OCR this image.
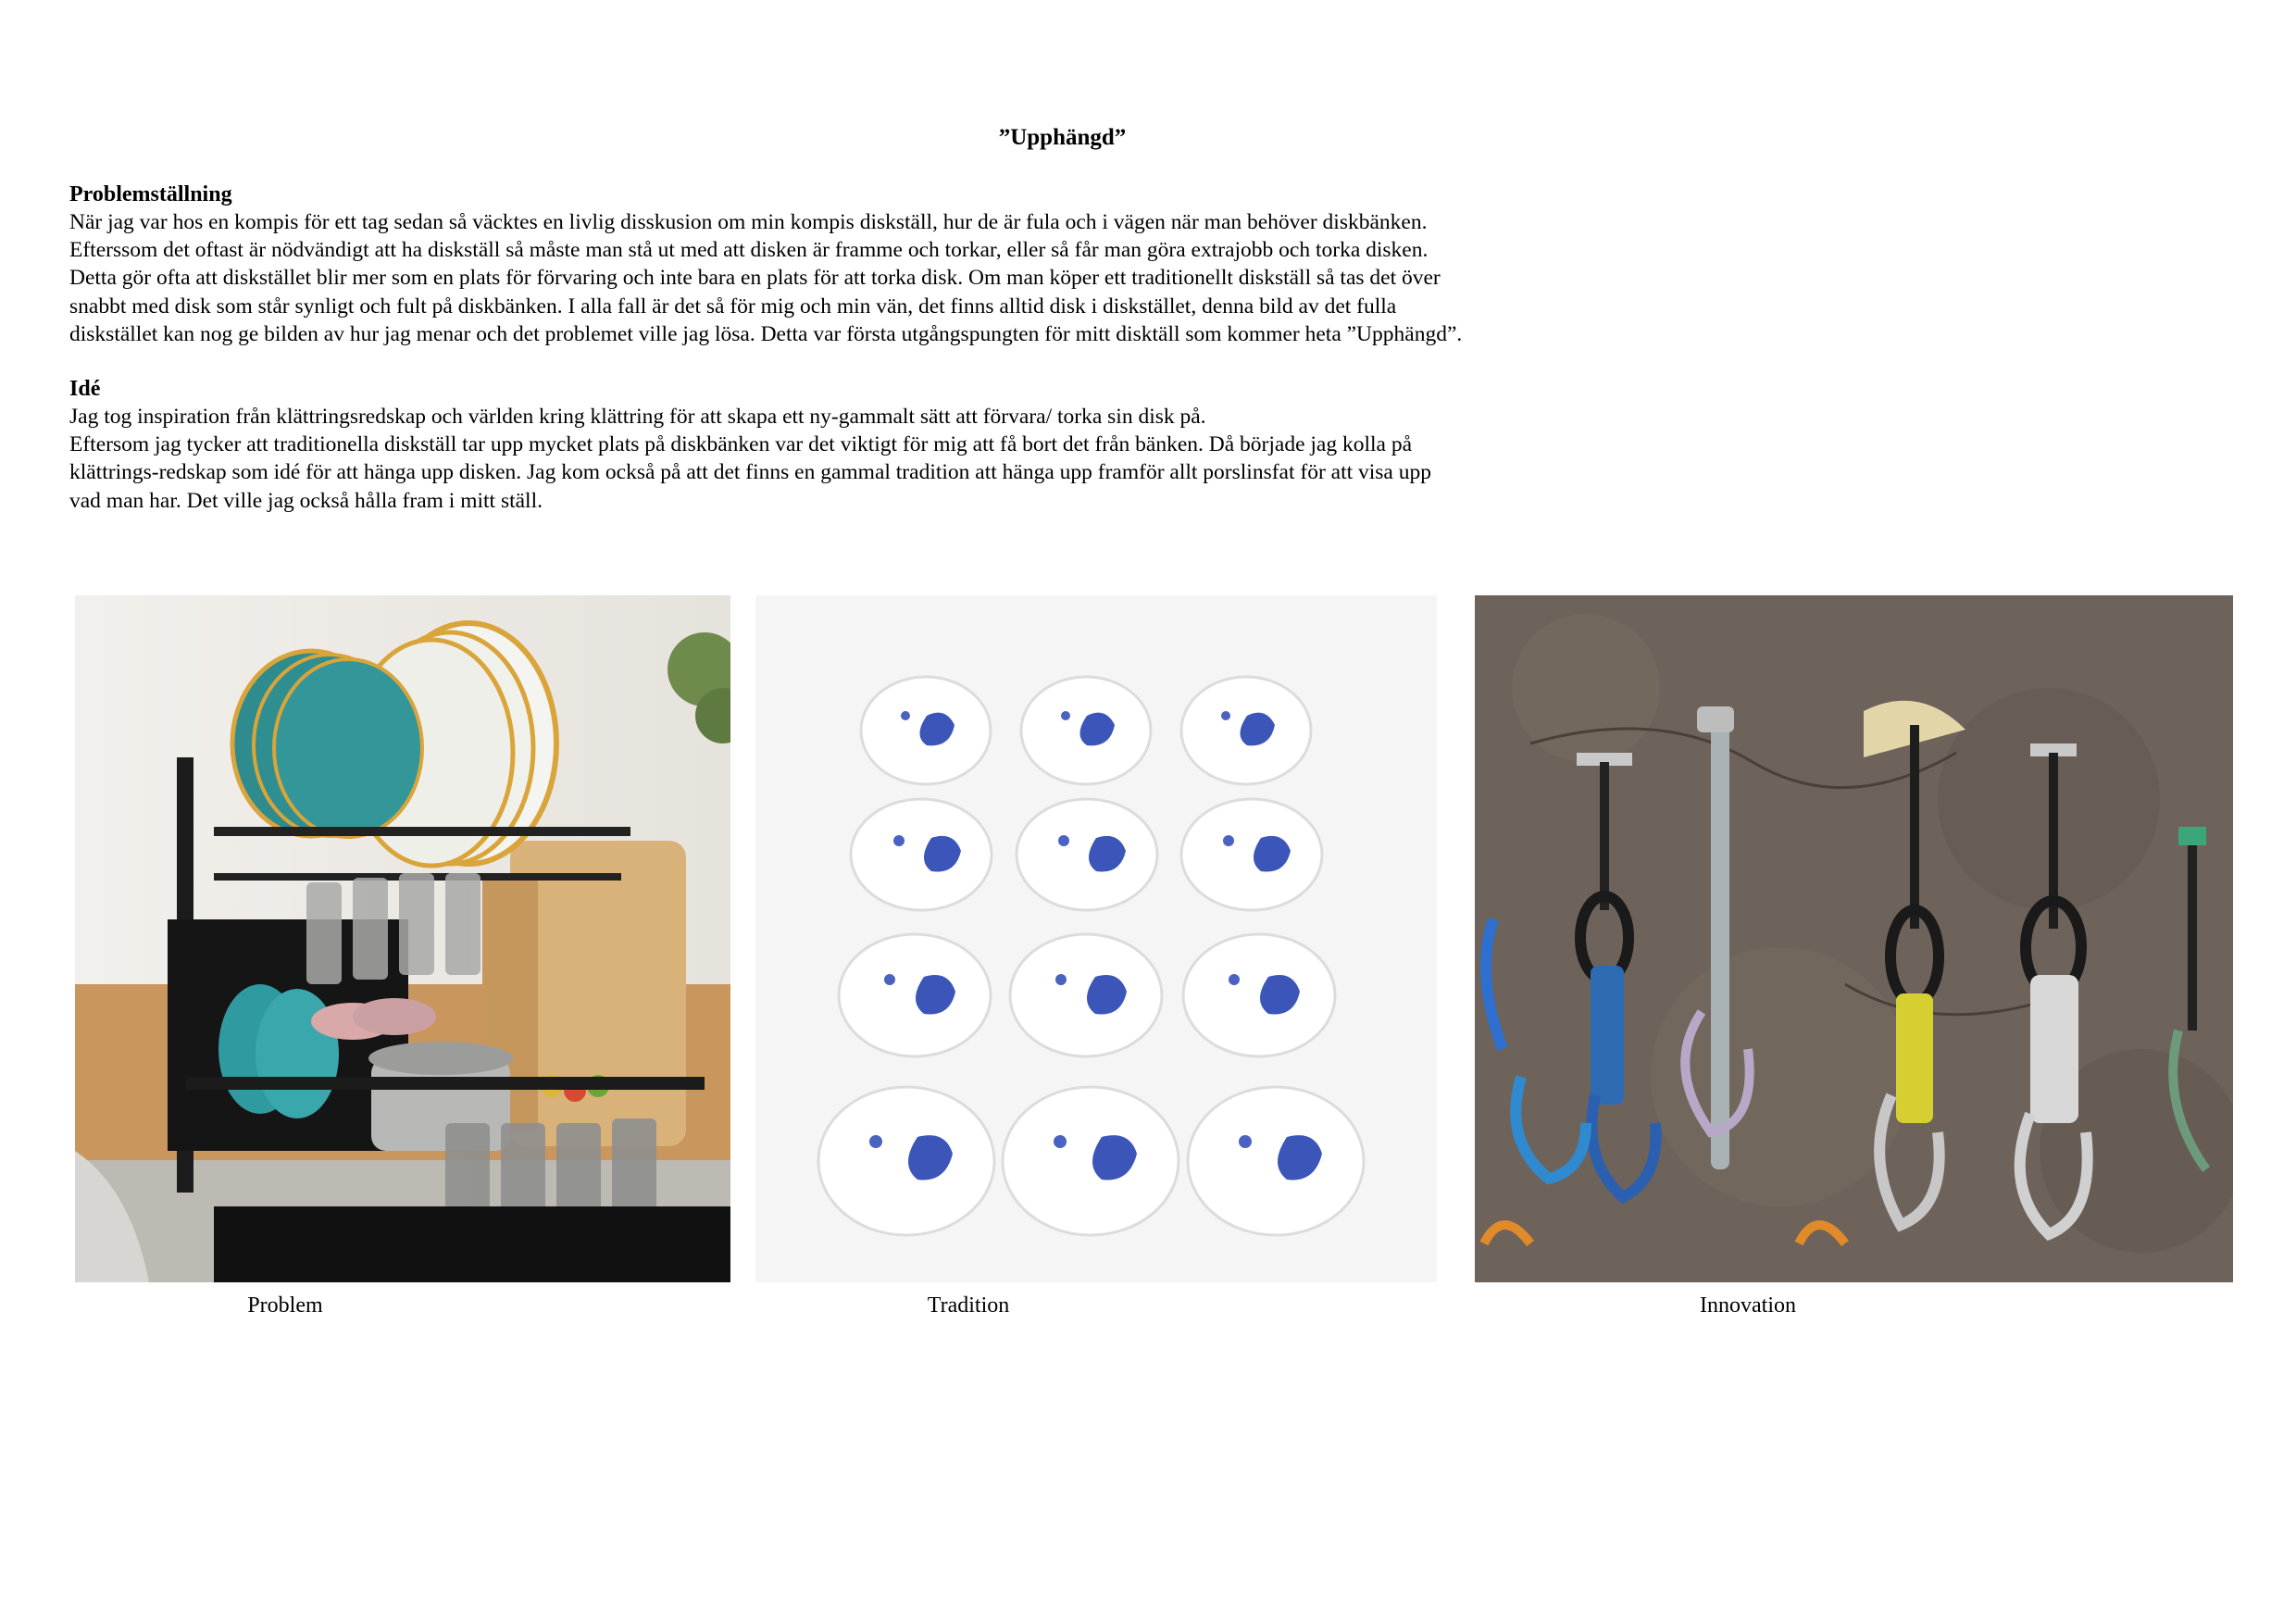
”Upphängd”
Problemställning
När jag var hos en kompis för ett tag sedan så väcktes en livlig disskusion om min kompis diskställ, hur de är fula och i vägen när man behöver diskbänken.
Efterssom det oftast är nödvändigt att ha diskställ så måste man stå ut med att disken är framme och torkar, eller så får man göra extrajobb och torka disken.
Detta gör ofta att diskstället blir mer som en plats för förvaring och inte bara en plats för att torka disk. Om man köper ett traditionellt diskställ så tas det över
snabbt med disk som står synligt och fult på diskbänken. I alla fall är det så för mig och min vän, det finns alltid disk i diskstället, denna bild av det fulla
diskstället kan nog ge bilden av hur jag menar och det problemet ville jag lösa. Detta var första utgångspungten för mitt disktäll som kommer heta ”Upphängd”.
Idé
Jag tog inspiration från klättringsredskap och världen kring klättring för att skapa ett ny-gammalt sätt att förvara/ torka sin disk på.
Eftersom jag tycker att traditionella diskställ tar upp mycket plats på diskbänken var det viktigt för mig att få bort det från bänken. Då började jag kolla på
klättrings-redskap som idé för att hänga upp disken. Jag kom också på att det finns en gammal tradition att hänga upp framför allt porslinsfat för att visa upp
vad man har. Det ville jag också hålla fram i mitt ställ.
Problem	Tradition	Innovation
